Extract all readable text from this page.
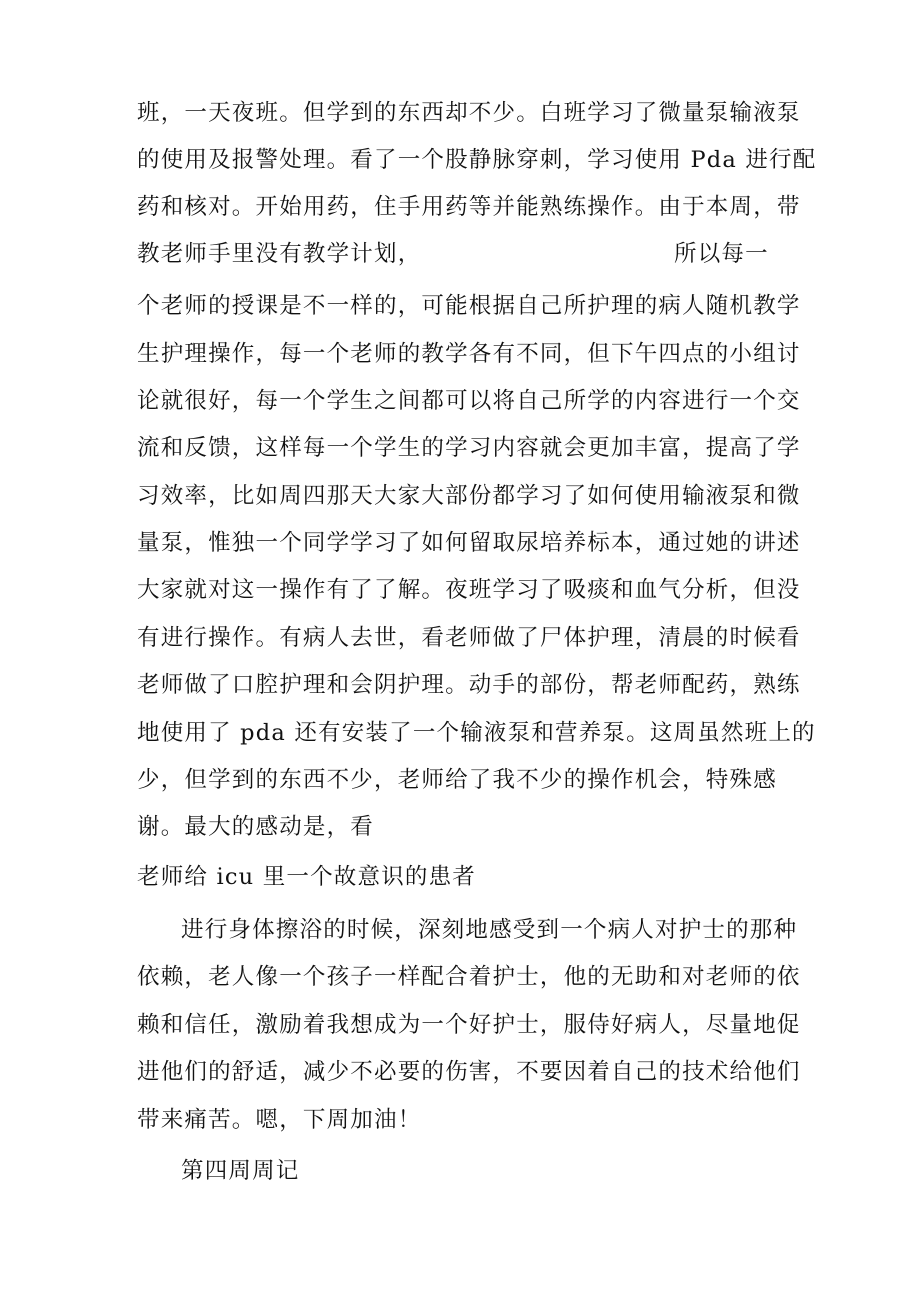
班，一天夜班。但学到的东西却不少。白班学习了微量泵输液泵
的使用及报警处理。看了一个股静脉穿刺，学习使用 Pda 进行配
药和核对。开始用药，住手用药等并能熟练操作。由于本周，带
教老师手里没有教学计划，	所以每一
个老师的授课是不一样的，可能根据自己所护理的病人随机教学
生护理操作，每一个老师的教学各有不同，但下午四点的小组讨
论就很好，每一个学生之间都可以将自己所学的内容进行一个交
流和反馈，这样每一个学生的学习内容就会更加丰富，提高了学
习效率，比如周四那天大家大部份都学习了如何使用输液泵和微
量泵，惟独一个同学学习了如何留取尿培养标本，通过她的讲述
大家就对这一操作有了了解。夜班学习了吸痰和血气分析，但没
有进行操作。有病人去世，看老师做了尸体护理，清晨的时候看
老师做了口腔护理和会阴护理。动手的部份，帮老师配药，熟练
地使用了 pda 还有安装了一个输液泵和营养泵。这周虽然班上的
少，但学到的东西不少，老师给了我不少的操作机会，特殊感
谢。最大的感动是，看
老师给 icu 里一个故意识的患者
进行身体擦浴的时候，深刻地感受到一个病人对护士的那种
依赖，老人像一个孩子一样配合着护士，他的无助和对老师的依
赖和信任，激励着我想成为一个好护士，服侍好病人，尽量地促
进他们的舒适，减少不必要的伤害，不要因着自己的技术给他们
带来痛苦。嗯，下周加油！
第四周周记
